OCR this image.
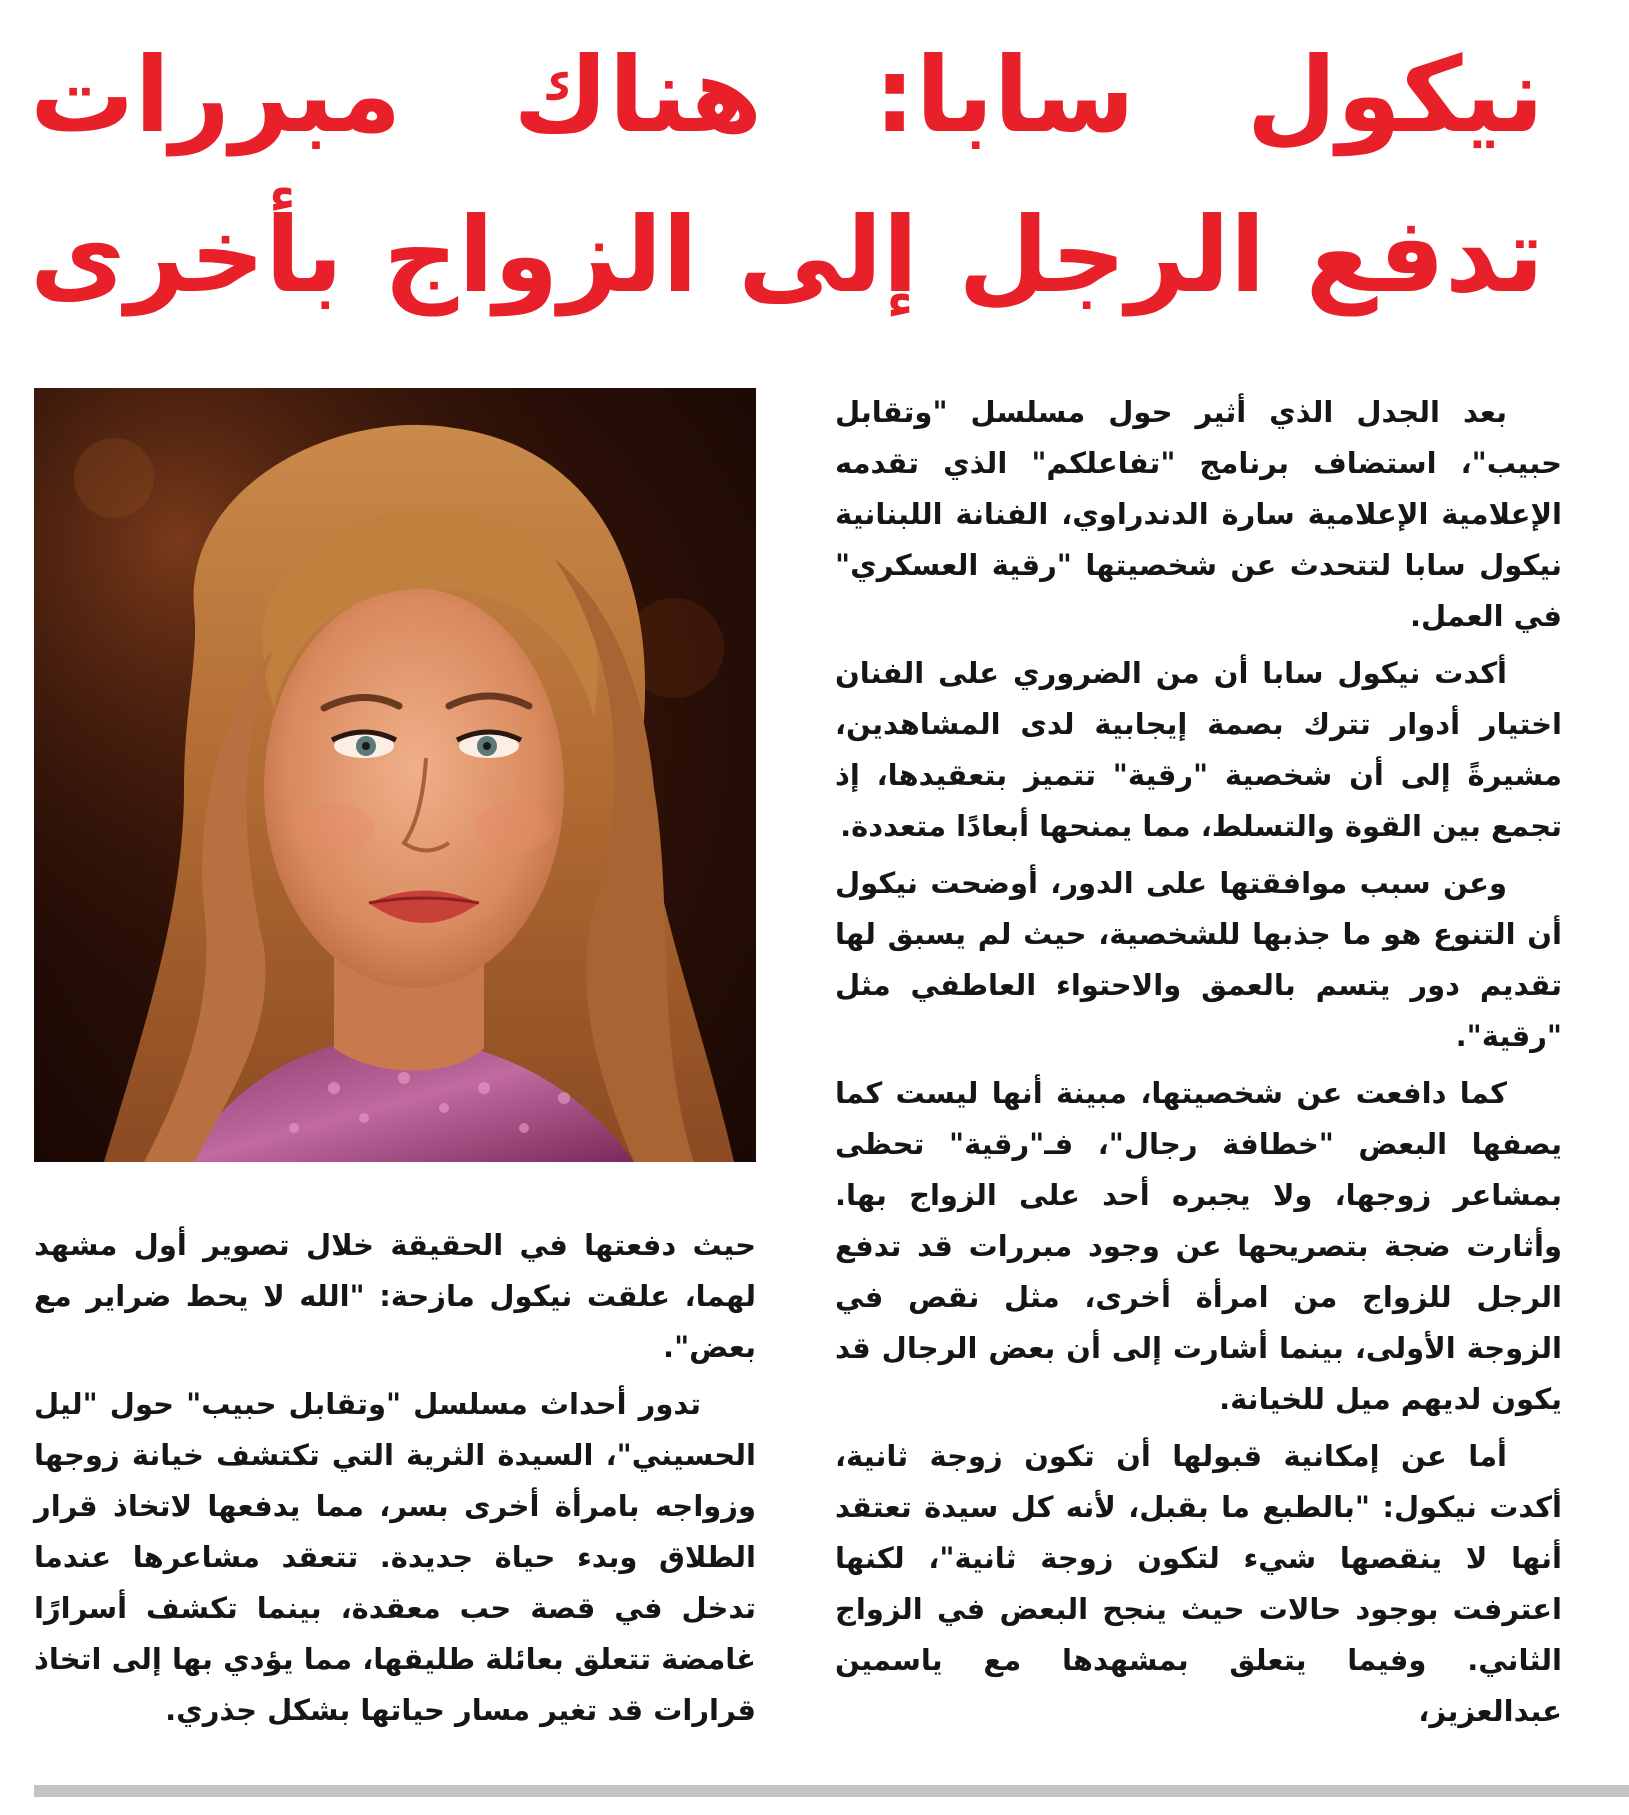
نيكول سابا: هناك مبررات
تدفع الرجل إلى الزواج بأخرى

بعد الجدل الذي أثير حول مسلسل "وتقابل حبيب"، استضاف برنامج "تفاعلكم" الذي تقدمه الإعلامية الإعلامية سارة الدندراوي، الفنانة اللبنانية نيكول سابا لتتحدث عن شخصيتها "رقية العسكري" في العمل.

أكدت نيكول سابا أن من الضروري على الفنان اختيار أدوار تترك بصمة إيجابية لدى المشاهدين، مشيرةً إلى أن شخصية "رقية" تتميز بتعقيدها، إذ تجمع بين القوة والتسلط، مما يمنحها أبعادًا متعددة.

وعن سبب موافقتها على الدور، أوضحت نيكول أن التنوع هو ما جذبها للشخصية، حيث لم يسبق لها تقديم دور يتسم بالعمق والاحتواء العاطفي مثل "رقية".

كما دافعت عن شخصيتها، مبينة أنها ليست كما يصفها البعض "خطافة رجال"، فـ"رقية" تحظى بمشاعر زوجها، ولا يجبره أحد على الزواج بها. وأثارت ضجة بتصريحها عن وجود مبررات قد تدفع الرجل للزواج من امرأة أخرى، مثل نقص في الزوجة الأولى، بينما أشارت إلى أن بعض الرجال قد يكون لديهم ميل للخيانة.

أما عن إمكانية قبولها أن تكون زوجة ثانية، أكدت نيكول: "بالطبع ما بقبل، لأنه كل سيدة تعتقد أنها لا ينقصها شيء لتكون زوجة ثانية"، لكنها اعترفت بوجود حالات حيث ينجح البعض في الزواج الثاني. وفيما يتعلق بمشهدها مع ياسمين عبدالعزيز،

حيث دفعتها في الحقيقة خلال تصوير أول مشهد لهما، علقت نيكول مازحة: "الله لا يحط ضراير مع بعض".

تدور أحداث مسلسل "وتقابل حبيب" حول "ليل الحسيني"، السيدة الثرية التي تكتشف خيانة زوجها وزواجه بامرأة أخرى بسر، مما يدفعها لاتخاذ قرار الطلاق وبدء حياة جديدة. تتعقد مشاعرها عندما تدخل في قصة حب معقدة، بينما تكشف أسرارًا غامضة تتعلق بعائلة طليقها، مما يؤدي بها إلى اتخاذ قرارات قد تغير مسار حياتها بشكل جذري.
